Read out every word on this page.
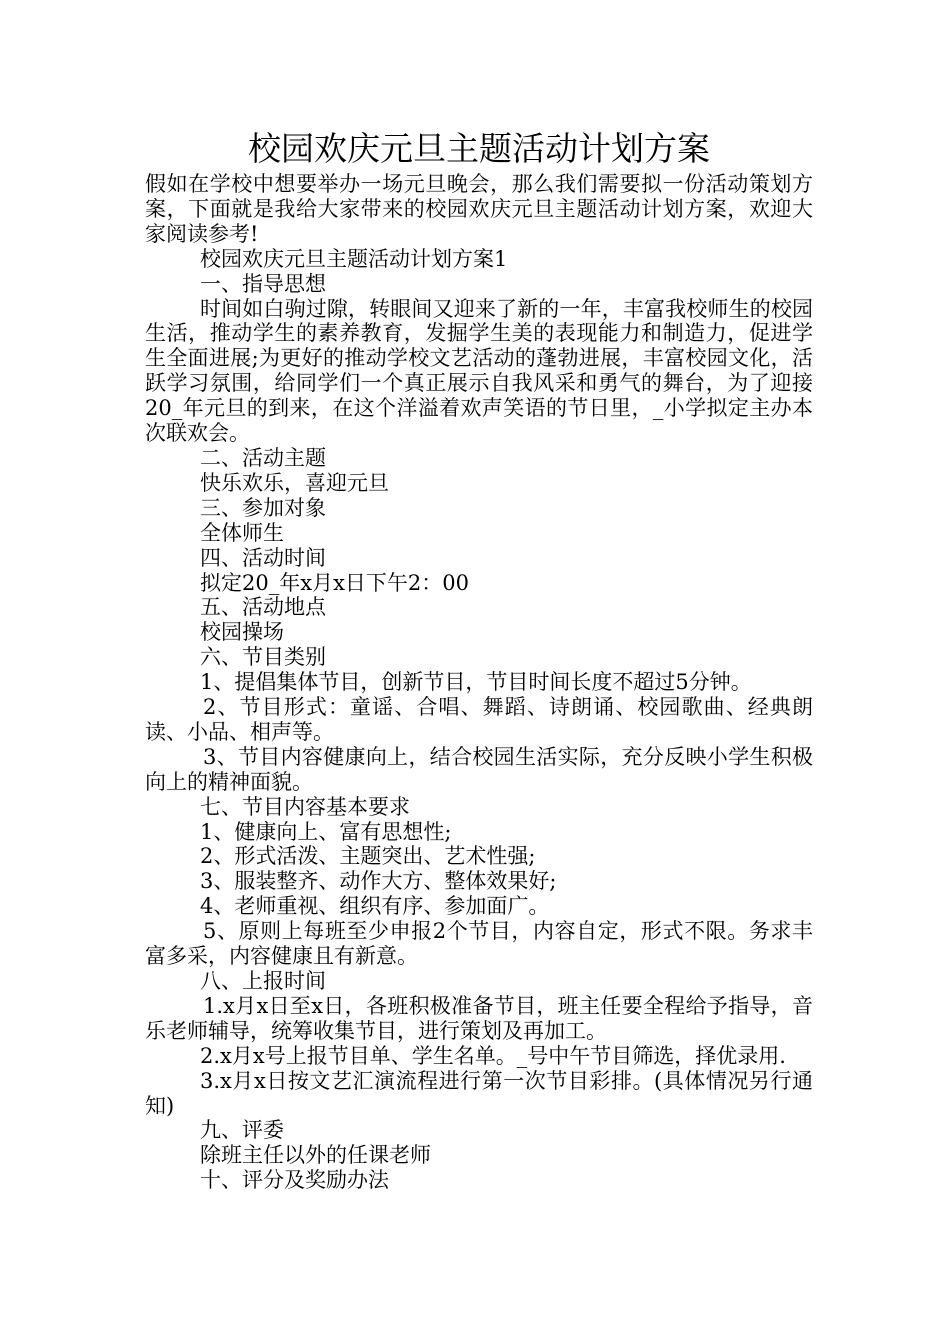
校园欢庆元旦主题活动计划方案

假如在学校中想要举办一场元旦晚会，那么我们需要拟一份活动策划方案，下面就是我给大家带来的校园欢庆元旦主题活动计划方案，欢迎大家阅读参考!

校园欢庆元旦主题活动计划方案1

一、指导思想

时间如白驹过隙，转眼间又迎来了新的一年，丰富我校师生的校园生活，推动学生的素养教育，发掘学生美的表现能力和制造力，促进学生全面进展;为更好的推动学校文艺活动的蓬勃进展，丰富校园文化，活跃学习氛围，给同学们一个真正展示自我风采和勇气的舞台，为了迎接20_年元旦的到来，在这个洋溢着欢声笑语的节日里，_小学拟定主办本次联欢会。

二、活动主题

快乐欢乐，喜迎元旦

三、参加对象

全体师生

四、活动时间

拟定20_年x月x日下午2：00

五、活动地点

校园操场

六、节目类别

1、提倡集体节目，创新节目，节目时间长度不超过5分钟。

2、节目形式：童谣、合唱、舞蹈、诗朗诵、校园歌曲、经典朗读、小品、相声等。

3、节目内容健康向上，结合校园生活实际，充分反映小学生积极向上的精神面貌。

七、节目内容基本要求

1、健康向上、富有思想性;

2、形式活泼、主题突出、艺术性强;

3、服装整齐、动作大方、整体效果好;

4、老师重视、组织有序、参加面广。

5、原则上每班至少申报2个节目，内容自定，形式不限。务求丰富多采，内容健康且有新意。

八、上报时间

1.x月x日至x日，各班积极准备节目，班主任要全程给予指导，音乐老师辅导，统筹收集节目，进行策划及再加工。

2.x月x号上报节目单、学生名单。_号中午节目筛选，择优录用.

3.x月x日按文艺汇演流程进行第一次节目彩排。(具体情况另行通知)

九、评委

除班主任以外的任课老师

十、评分及奖励办法
